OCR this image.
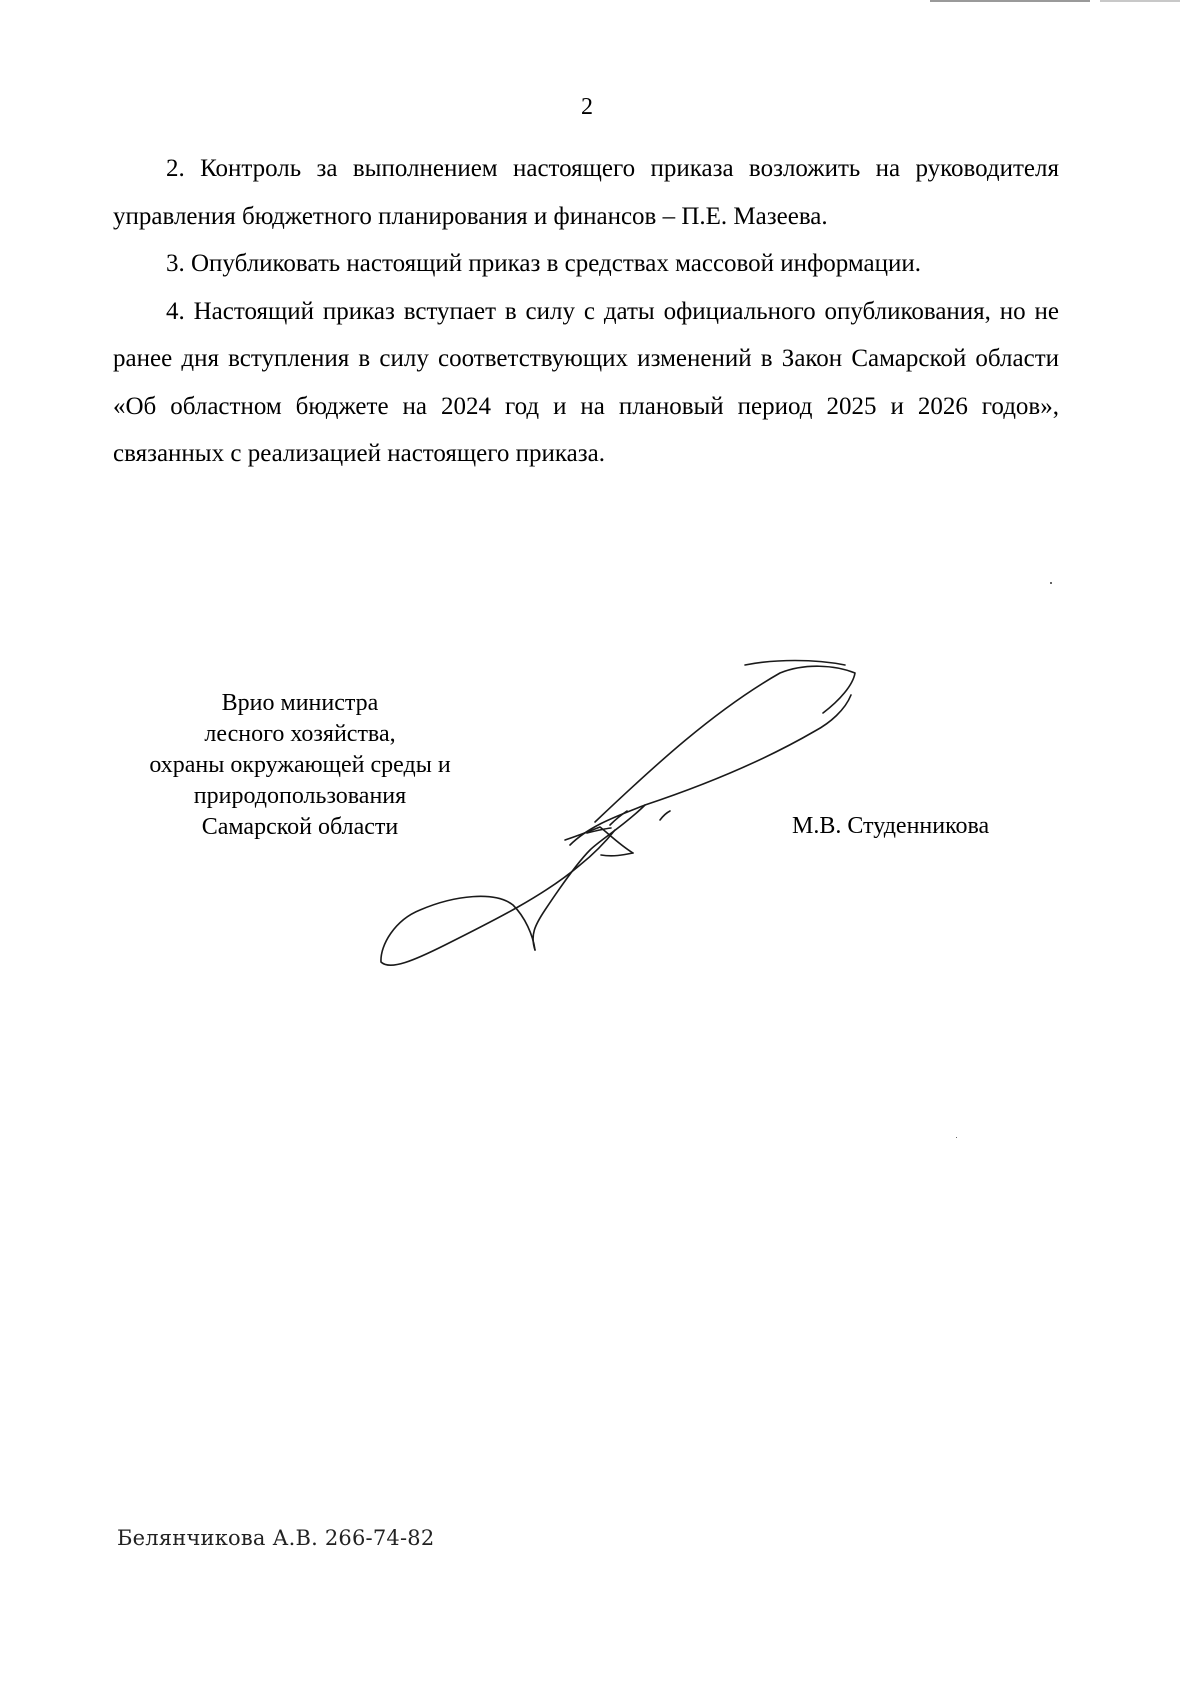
2

2. Контроль за выполнением настоящего приказа возложить на руководителя управления бюджетного планирования и финансов – П.Е. Мазеева.

3. Опубликовать настоящий приказ в средствах массовой информации.

4. Настоящий приказ вступает в силу с даты официального опубликования, но не ранее дня вступления в силу соответствующих изменений в Закон Самарской области «Об областном бюджете на 2024 год и на плановый период 2025 и 2026 годов», связанных с реализацией настоящего приказа.

Врио министра
лесного хозяйства,
охраны окружающей среды и
природопользования
Самарской области	М.В. Студенникова
Белянчикова А.В. 266-74-82
